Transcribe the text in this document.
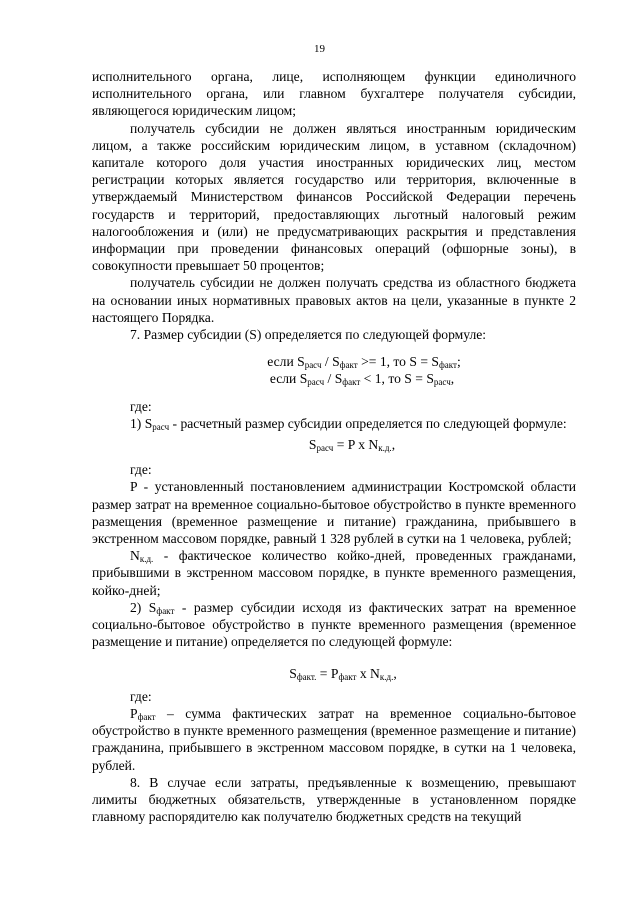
19

исполнительного органа, лице, исполняющем функции единоличного исполнительного органа, или главном бухгалтере получателя субсидии, являющегося юридическим лицом;

получатель субсидии не должен являться иностранным юридическим лицом, а также российским юридическим лицом, в уставном (складочном) капитале которого доля участия иностранных юридических лиц, местом регистрации которых является государство или территория, включенные в утверждаемый Министерством финансов Российской Федерации перечень государств и территорий, предоставляющих льготный налоговый режим налогообложения и (или) не предусматривающих раскрытия и представления информации при проведении финансовых операций (офшорные зоны), в совокупности превышает 50 процентов;

получатель субсидии не должен получать средства из областного бюджета на основании иных нормативных правовых актов на цели, указанные в пункте 2 настоящего Порядка.

7. Размер субсидии (S) определяется по следующей формуле:

если $S_{расч} / S_{факт} >= 1$, то $S = S_{факт}$;

если $S_{расч} / S_{факт} < 1$, то $S = S_{расч}$,

где:

1) $S_{расч}$ - расчетный размер субсидии определяется по следующей формуле:

$S_{расч} = P$ x $N_{к.д.}$,

где:

P - установленный постановлением администрации Костромской области размер затрат на временное социально-бытовое обустройство в пункте временного размещения (временное размещение и питание) гражданина, прибывшего в экстренном массовом порядке, равный 1 328 рублей в сутки на 1 человека, рублей;

$N_{к.д.}$ - фактическое количество койко-дней, проведенных гражданами, прибывшими в экстренном массовом порядке, в пункте временного размещения, койко-дней;

2) $S_{факт}$ - размер субсидии исходя из фактических затрат на временное социально-бытовое обустройство в пункте временного размещения (временное размещение и питание) определяется по следующей формуле:

$S_{факт.} = P_{факт}$ x $N_{к.д.}$,

где:

$P_{факт}$ – сумма фактических затрат на временное социально-бытовое обустройство в пункте временного размещения (временное размещение и питание) гражданина, прибывшего в экстренном массовом порядке, в сутки на 1 человека, рублей.

8. В случае если затраты, предъявленные к возмещению, превышают лимиты бюджетных обязательств, утвержденные в установленном порядке главному распорядителю как получателю бюджетных средств на текущий
